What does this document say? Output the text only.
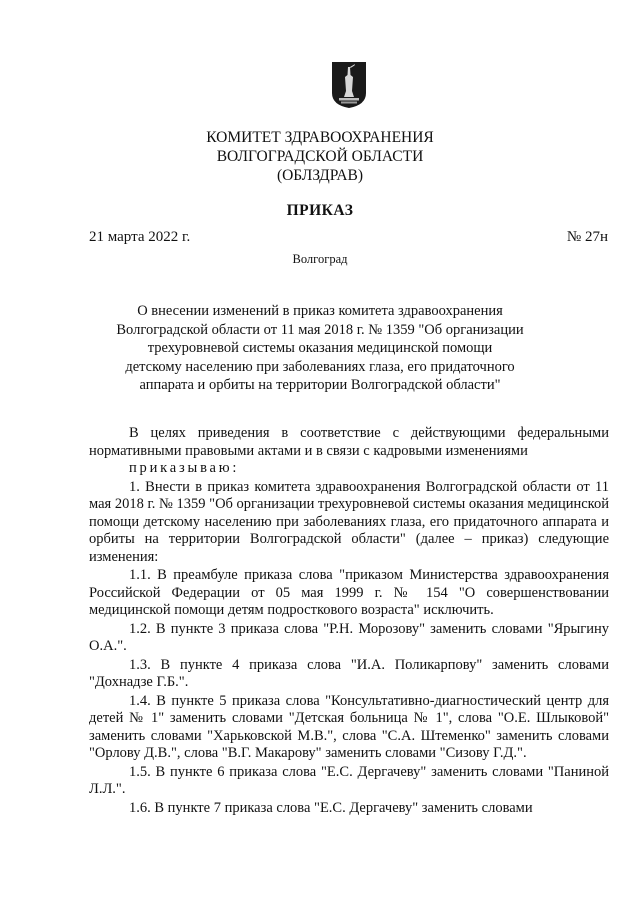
КОМИТЕТ ЗДРАВООХРАНЕНИЯ
ВОЛГОГРАДСКОЙ ОБЛАСТИ
(ОБЛЗДРАВ)
ПРИКАЗ
21 марта 2022 г.	№ 27н
Волгоград
О внесении изменений в приказ комитета здравоохранения
Волгоградской области от 11 мая 2018 г. № 1359 "Об организации
трехуровневой системы оказания медицинской помощи
детскому населению при заболеваниях глаза, его придаточного
аппарата и орбиты на территории Волгоградской области"

В целях приведения в соответствие с действующими федеральными нормативными правовыми актами и в связи с кадровыми изменениями

приказываю:

1. Внести в приказ комитета здравоохранения Волгоградской области от 11 мая 2018 г. № 1359 "Об организации трехуровневой системы оказания медицинской помощи детскому населению при заболеваниях глаза, его придаточного аппарата и орбиты на территории Волгоградской области" (далее – приказ) следующие изменения:

1.1. В преамбуле приказа слова "приказом Министерства здравоохранения Российской Федерации от 05 мая 1999 г. № 154 "О совершенствовании медицинской помощи детям подросткового возраста" исключить.

1.2. В пункте 3 приказа слова "Р.Н. Морозову" заменить словами "Ярыгину О.А.".

1.3. В пункте 4 приказа слова "И.А. Поликарпову" заменить словами "Дохнадзе Г.Б.".

1.4. В пункте 5 приказа слова "Консультативно-диагностический центр для детей № 1" заменить словами "Детская больница № 1", слова "О.Е. Шлыковой" заменить словами "Харьковской М.В.", слова "С.А. Штеменко" заменить словами "Орлову Д.В.", слова "В.Г. Макарову" заменить словами "Сизову Г.Д.".

1.5. В пункте 6 приказа слова "Е.С. Дергачеву" заменить словами "Паниной Л.Л.".

1.6. В пункте 7 приказа слова "Е.С. Дергачеву" заменить словами
